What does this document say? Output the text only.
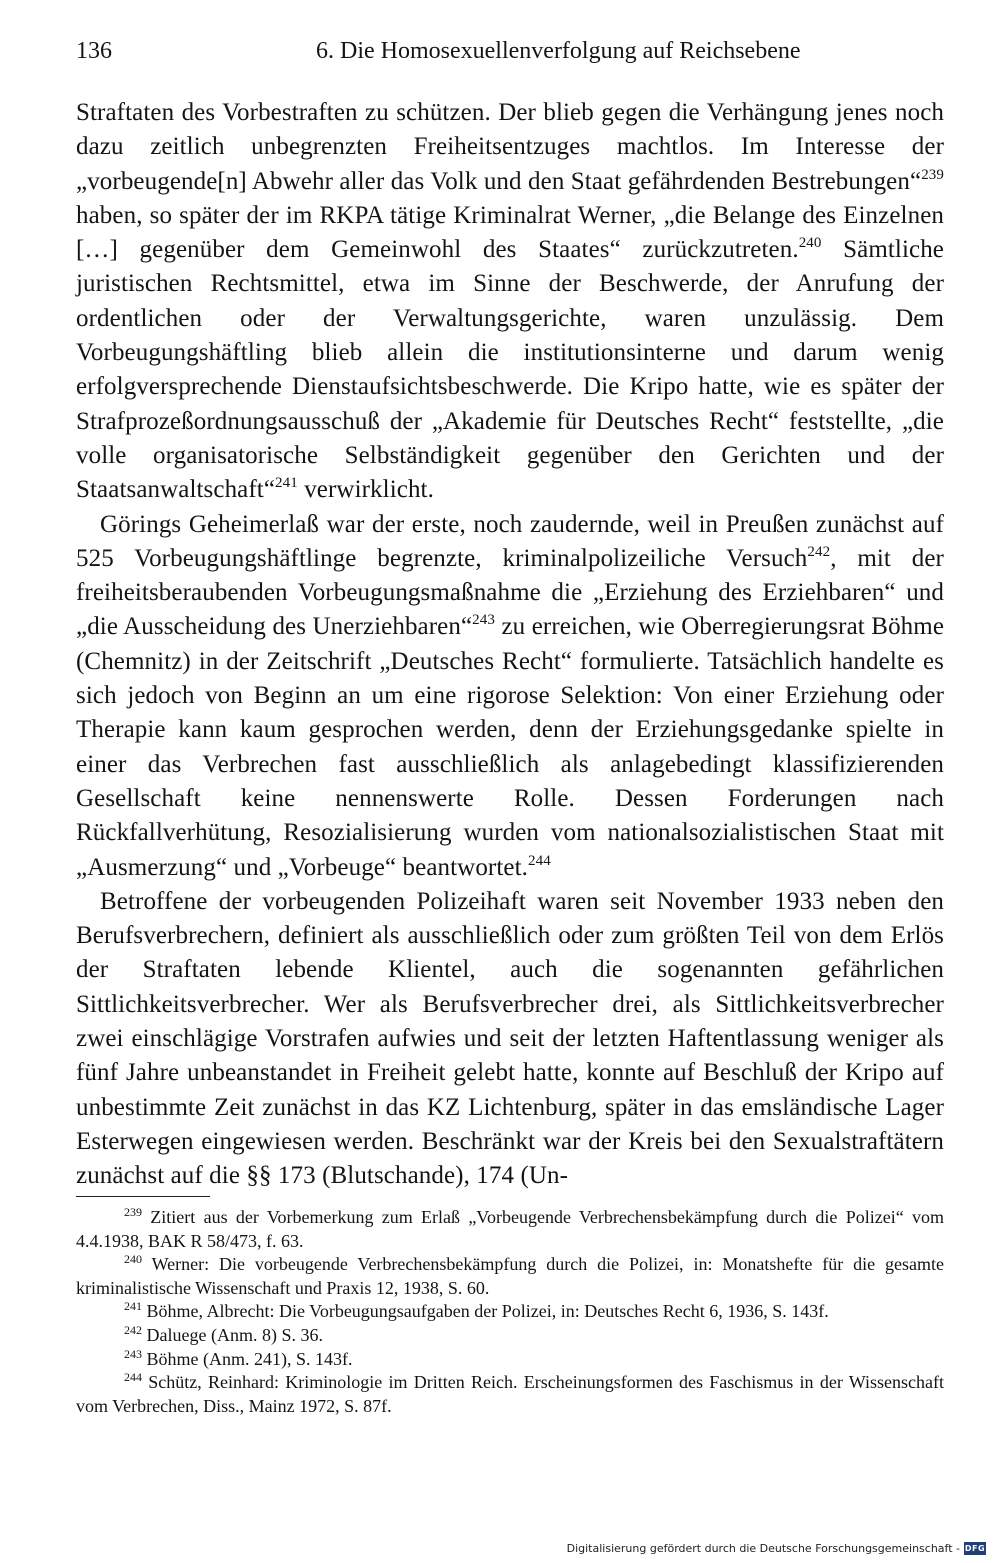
136	6. Die Homosexuellenverfolgung auf Reichsebene

Straftaten des Vorbestraften zu schützen. Der blieb gegen die Verhängung jenes noch dazu zeitlich unbegrenzten Freiheitsentzuges machtlos. Im Interesse der „vorbeugende[n] Abwehr aller das Volk und den Staat gefährdenden Bestrebungen“$^{239}$ haben, so später der im RKPA tätige Kriminalrat Werner, „die Belange des Einzelnen […] gegenüber dem Gemeinwohl des Staates“ zurückzutreten.$^{240}$ Sämtliche juristischen Rechtsmittel, etwa im Sinne der Beschwerde, der Anrufung der ordentlichen oder der Verwaltungsgerichte, waren unzulässig. Dem Vorbeugungshäftling blieb allein die institutionsinterne und darum wenig erfolgversprechende Dienstaufsichtsbeschwerde. Die Kripo hatte, wie es später der Strafprozeßordnungsausschuß der „Akademie für Deutsches Recht“ feststellte, „die volle organisatorische Selbständigkeit gegenüber den Gerichten und der Staatsanwaltschaft“$^{241}$ verwirklicht.

Görings Geheimerlaß war der erste, noch zaudernde, weil in Preußen zunächst auf 525 Vorbeugungshäftlinge begrenzte, kriminalpolizeiliche Versuch$^{242}$, mit der freiheitsberaubenden Vorbeugungsmaßnahme die „Erziehung des Erziehbaren“ und „die Ausscheidung des Unerziehbaren“$^{243}$ zu erreichen, wie Oberregierungsrat Böhme (Chemnitz) in der Zeitschrift „Deutsches Recht“ formulierte. Tatsächlich handelte es sich jedoch von Beginn an um eine rigorose Selektion: Von einer Erziehung oder Therapie kann kaum gesprochen werden, denn der Erziehungsgedanke spielte in einer das Verbrechen fast ausschließlich als anlagebedingt klassifizierenden Gesellschaft keine nennenswerte Rolle. Dessen Forderungen nach Rückfallverhütung, Resozialisierung wurden vom nationalsozialistischen Staat mit „Ausmerzung“ und „Vorbeuge“ beantwortet.$^{244}$

Betroffene der vorbeugenden Polizeihaft waren seit November 1933 neben den Berufsverbrechern, definiert als ausschließlich oder zum größten Teil von dem Erlös der Straftaten lebende Klientel, auch die sogenannten gefährlichen Sittlichkeitsverbrecher. Wer als Berufsverbrecher drei, als Sittlichkeitsverbrecher zwei einschlägige Vorstrafen aufwies und seit der letzten Haftentlassung weniger als fünf Jahre unbeanstandet in Freiheit gelebt hatte, konnte auf Beschluß der Kripo auf unbestimmte Zeit zunächst in das KZ Lichtenburg, später in das emsländische Lager Esterwegen eingewiesen werden. Beschränkt war der Kreis bei den Sexualstraftätern zunächst auf die §§ 173 (Blutschande), 174 (Un-

$^{239}$ Zitiert aus der Vorbemerkung zum Erlaß „Vorbeugende Verbrechensbekämpfung durch die Polizei“ vom 4.4.1938, BAK R 58/473, f. 63.

$^{240}$ Werner: Die vorbeugende Verbrechensbekämpfung durch die Polizei, in: Monatshefte für die gesamte kriminalistische Wissenschaft und Praxis 12, 1938, S. 60.

$^{241}$ Böhme, Albrecht: Die Vorbeugungsaufgaben der Polizei, in: Deutsches Recht 6, 1936, S. 143f.

$^{242}$ Daluege (Anm. 8) S. 36.

$^{243}$ Böhme (Anm. 241), S. 143f.

$^{244}$ Schütz, Reinhard: Kriminologie im Dritten Reich. Erscheinungsformen des Faschismus in der Wissenschaft vom Verbrechen, Diss., Mainz 1972, S. 87f.

Digitalisierung gefördert durch die Deutsche Forschungsgemeinschaft - DFG
